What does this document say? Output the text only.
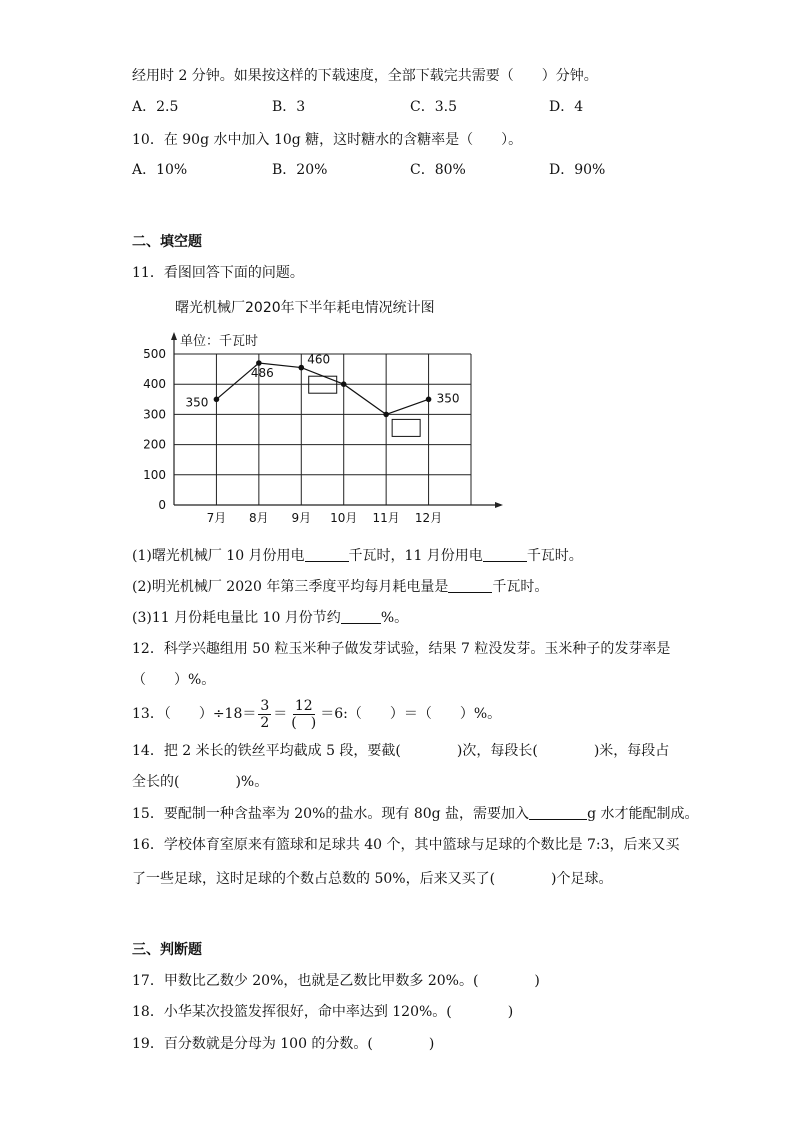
经用时 2 分钟。如果按这样的下载速度，全部下载完共需要（　　）分钟。
A．2.5	B．3	C．3.5	D．4
10．在 90g 水中加入 10g 糖，这时糖水的含糖率是（　　）。
A．10%	B．20%	C．80%	D．90%
二、填空题
11．看图回答下面的问题。
曙光机械厂2020年下半年耗电情况统计图
0
100
200
300
400
500
单位：千瓦时
7月 8月 9月 10月 11月 12月
350
486
460
350
(1)曙光机械厂 10 月份用电	千瓦时，11 月份用电	千瓦时。
(2)明光机械厂 2020 年第三季度平均每月耗电量是	千瓦时。
(3)11 月份耗电量比 10 月份节约	%。
12．科学兴趣组用 50 粒玉米种子做发芽试验，结果 7 粒没发芽。玉米种子的发芽率是
（　　）%。
13．（　　）$\div 18= \frac{3}{2} = \frac{12}{( )}$ ＝6:（　　）＝（　　）%。
14．把 2 米长的铁丝平均截成 5 段，要截(　　　　)次，每段长(　　　　)米，每段占
全长的(　　　　)%。
15．要配制一种含盐率为 20%的盐水。现有 80g 盐，需要加入	g 水才能配制成。
16．学校体育室原来有篮球和足球共 40 个，其中篮球与足球的个数比是 7:3，后来又买
了一些足球，这时足球的个数占总数的 50%，后来又买了(　　　　)个足球。
三、判断题
17．甲数比乙数少 20%，也就是乙数比甲数多 20%。(　　　　)
18．小华某次投篮发挥很好，命中率达到 120%。(　　　　)
19．百分数就是分母为 100 的分数。(　　　　)
